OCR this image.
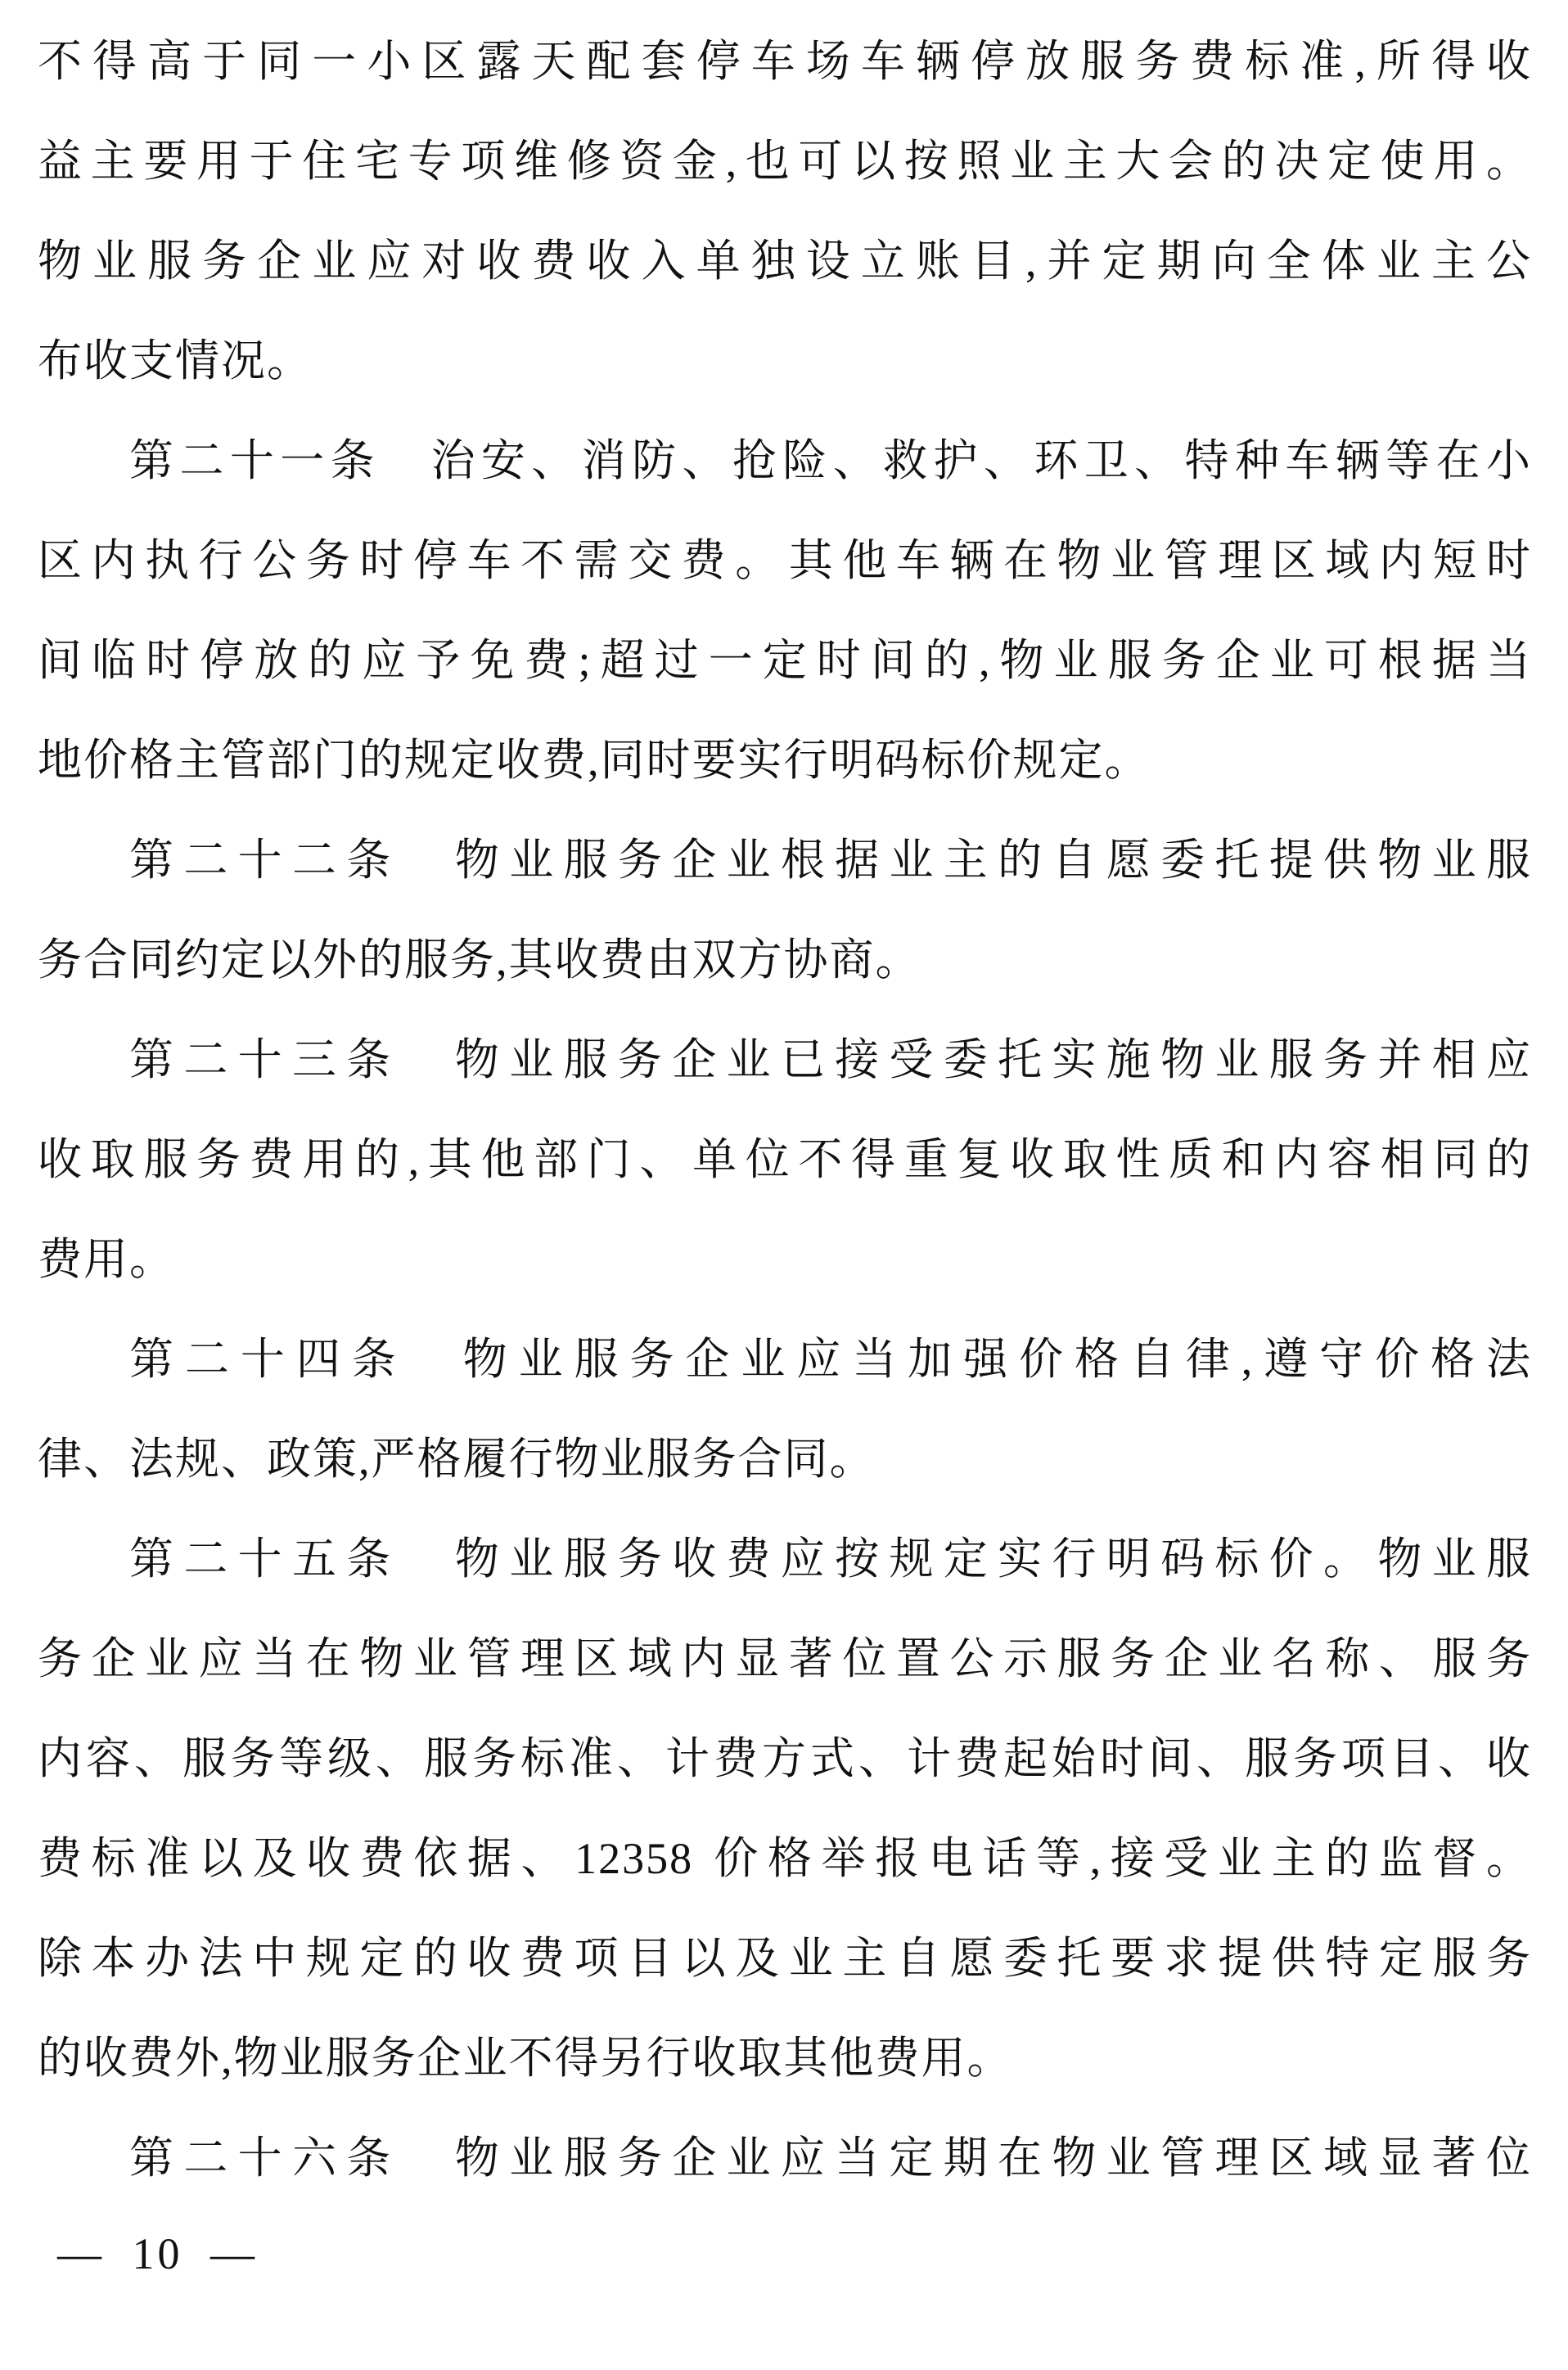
不得高于同一小区露天配套停车场车辆停放服务费标准,所得收
益主要用于住宅专项维修资金,也可以按照业主大会的决定使用。
物业服务企业应对收费收入单独设立账目,并定期向全体业主公
布收支情况。
第二十一条　治安、消防、抢险、救护、环卫、特种车辆等在小
区内执行公务时停车不需交费。其他车辆在物业管理区域内短时
间临时停放的应予免费;超过一定时间的,物业服务企业可根据当
地价格主管部门的规定收费,同时要实行明码标价规定。
第二十二条　物业服务企业根据业主的自愿委托提供物业服
务合同约定以外的服务,其收费由双方协商。
第二十三条　物业服务企业已接受委托实施物业服务并相应
收取服务费用的,其他部门、单位不得重复收取性质和内容相同的
费用。
第二十四条　物业服务企业应当加强价格自律,遵守价格法
律、法规、政策,严格履行物业服务合同。
第二十五条　物业服务收费应按规定实行明码标价。物业服
务企业应当在物业管理区域内显著位置公示服务企业名称、服务
内容、服务等级、服务标准、计费方式、计费起始时间、服务项目、收
费标准以及收费依据、12358 价格举报电话等,接受业主的监督。
除本办法中规定的收费项目以及业主自愿委托要求提供特定服务
的收费外,物业服务企业不得另行收取其他费用。
第二十六条　物业服务企业应当定期在物业管理区域显著位
— 10 —
